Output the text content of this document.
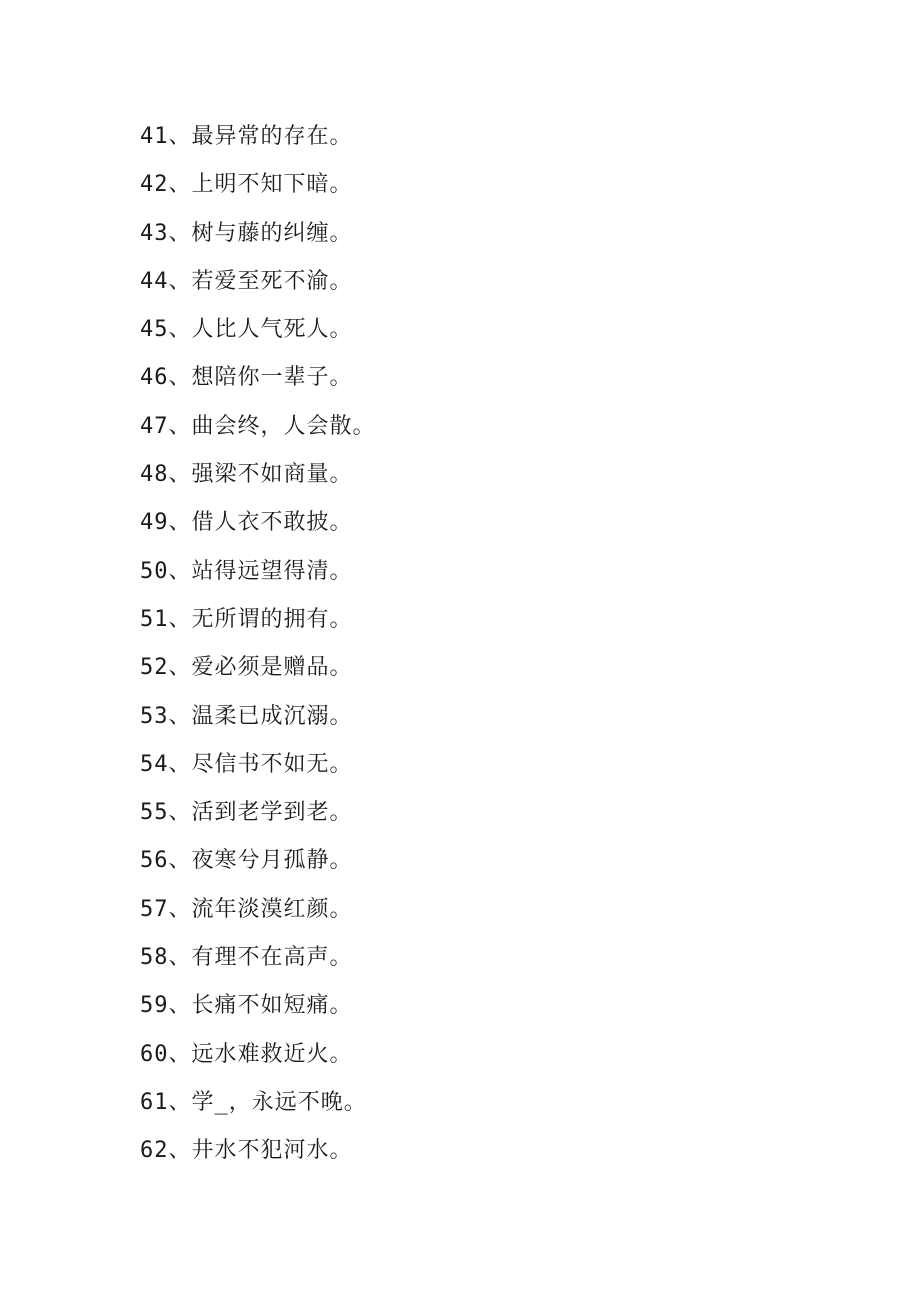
41、最异常的存在。
42、上明不知下暗。
43、树与藤的纠缠。
44、若爱至死不渝。
45、人比人气死人。
46、想陪你一辈子。
47、曲会终，人会散。
48、强梁不如商量。
49、借人衣不敢披。
50、站得远望得清。
51、无所谓的拥有。
52、爱必须是赠品。
53、温柔已成沉溺。
54、尽信书不如无。
55、活到老学到老。
56、夜寒兮月孤静。
57、流年淡漠红颜。
58、有理不在高声。
59、长痛不如短痛。
60、远水难救近火。
61、学_，永远不晚。
62、井水不犯河水。
